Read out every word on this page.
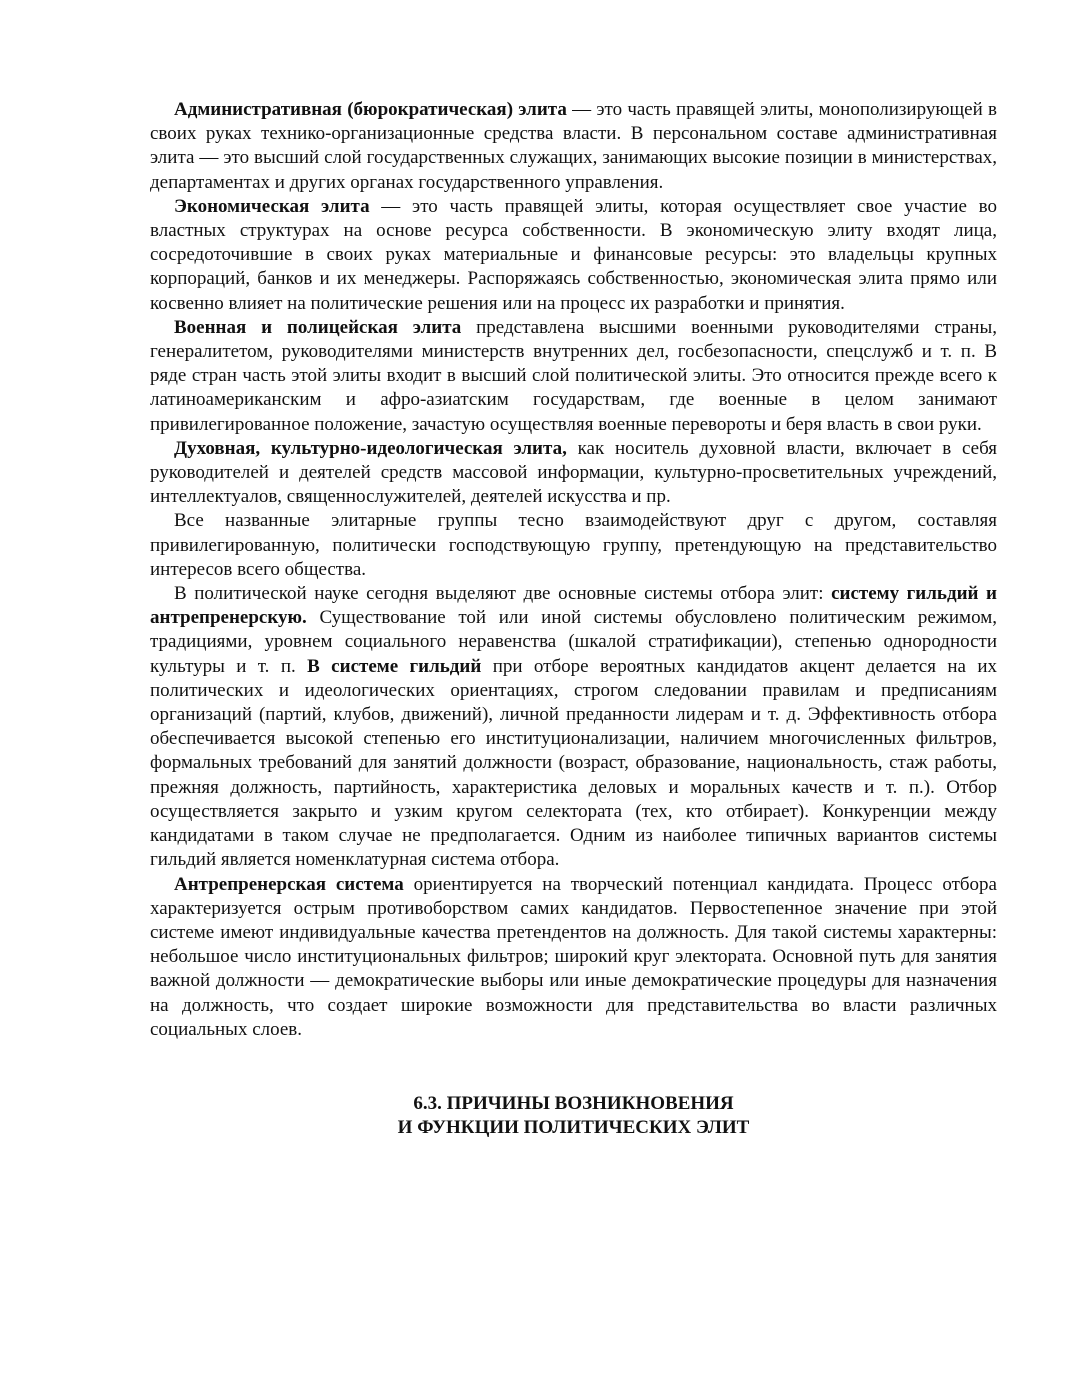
Административная (бюрократическая) элита — это часть правящей элиты, монополизирующей в своих руках технико-организационные средства власти. В персональном составе административная элита — это высший слой государственных служащих, занимающих высокие позиции в министерствах, департаментах и других органах государственного управления.

Экономическая элита — это часть правящей элиты, которая осуществляет свое участие во властных структурах на основе ресурса собственности. В экономическую элиту входят лица, сосредоточившие в своих руках материальные и финансовые ресурсы: это владельцы крупных корпораций, банков и их менеджеры. Распоряжаясь собственностью, экономическая элита прямо или косвенно влияет на политические решения или на процесс их разработки и принятия.

Военная и полицейская элита представлена высшими военными руководителями страны, генералитетом, руководителями министерств внутренних дел, госбезопасности, спецслужб и т. п. В ряде стран часть этой элиты входит в высший слой политической элиты. Это относится прежде всего к латиноамериканским и афро-азиатским государствам, где военные в целом занимают привилегированное положение, зачастую осуществляя военные перевороты и беря власть в свои руки.

Духовная, культурно-идеологическая элита, как носитель духовной власти, включает в себя руководителей и деятелей средств массовой информации, культурно-просветительных учреждений, интеллектуалов, священнослужителей, деятелей искусства и пр.

Все названные элитарные группы тесно взаимодействуют друг с другом, составляя привилегированную, политически господствующую группу, претендующую на представительство интересов всего общества.

В политической науке сегодня выделяют две основные системы отбора элит: систему гильдий и антрепренерскую. Существование той или иной системы обусловлено политическим режимом, традициями, уровнем социального неравенства (шкалой стратификации), степенью однородности культуры и т. п. В системе гильдий при отборе вероятных кандидатов акцент делается на их политических и идеологических ориентациях, строгом следовании правилам и предписаниям организаций (партий, клубов, движений), личной преданности лидерам и т. д. Эффективность отбора обеспечивается высокой степенью его институционализации, наличием многочисленных фильтров, формальных требований для занятий должности (возраст, образование, национальность, стаж работы, прежняя должность, партийность, характеристика деловых и моральных качеств и т. п.). Отбор осуществляется закрыто и узким кругом селектората (тех, кто отбирает). Конкуренции между кандидатами в таком случае не предполагается. Одним из наиболее типичных вариантов системы гильдий является номенклатурная система отбора.

Антрепренерская система ориентируется на творческий потенциал кандидата. Процесс отбора характеризуется острым противоборством самих кандидатов. Первостепенное значение при этой системе имеют индивидуальные качества претендентов на должность. Для такой системы характерны: небольшое число институциональных фильтров; широкий круг электората. Основной путь для занятия важной должности — демократические выборы или иные демократические процедуры для назначения на должность, что создает широкие возможности для представительства во власти различных социальных слоев.

6.3. ПРИЧИНЫ ВОЗНИКНОВЕНИЯ
И ФУНКЦИИ ПОЛИТИЧЕСКИХ ЭЛИТ
